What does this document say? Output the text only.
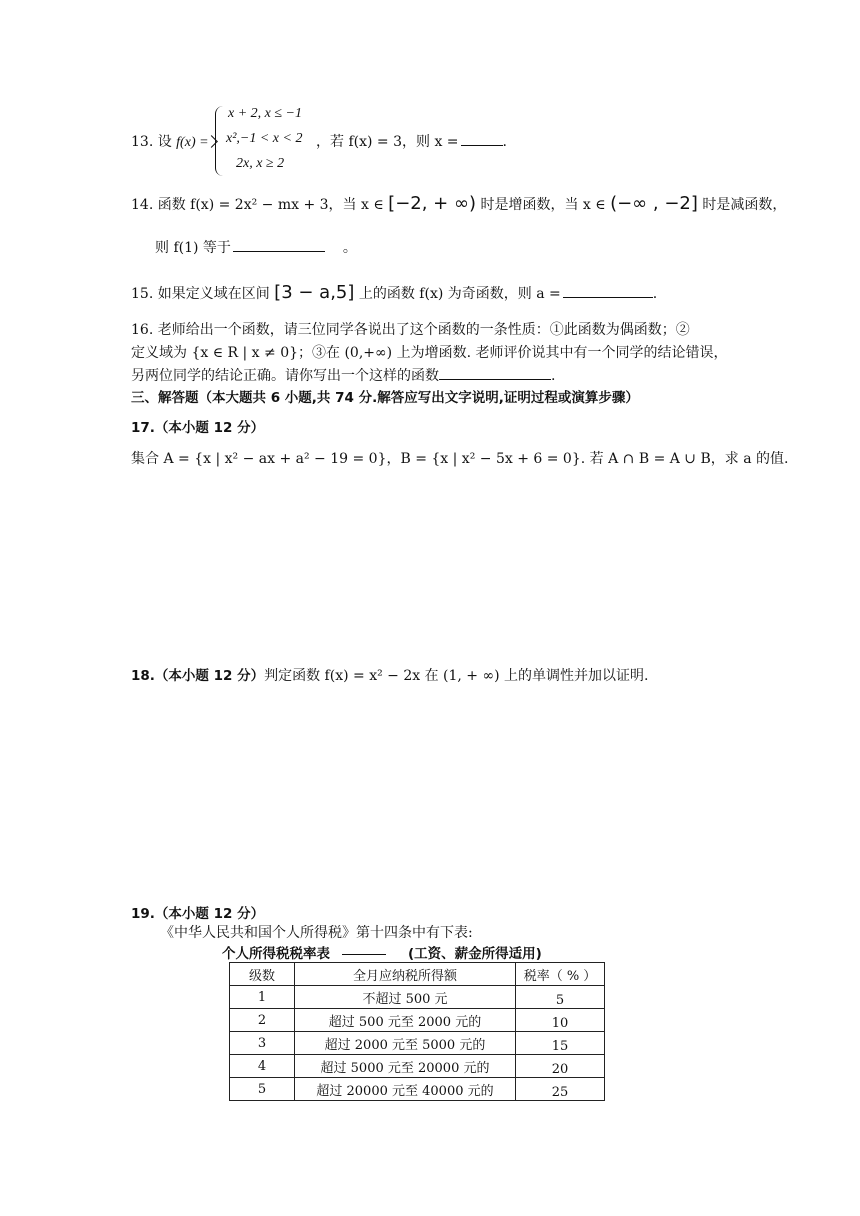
13. 设 f(x) =
x + 2, x ≤ −1
x²,−1 < x < 2
2x, x ≥ 2
，若 f(x) = 3，则 x =	.
14. 函数 f(x) = 2x² − mx + 3，当 x ∈ [−2, + ∞) 时是增函数，当 x ∈ (−∞ , −2] 时是减函数，
则 f(1) 等于	。
15. 如果定义域在区间 [3 − a,5] 上的函数 f(x) 为奇函数，则 a =	.
16. 老师给出一个函数，请三位同学各说出了这个函数的一条性质：①此函数为偶函数；②
定义域为 {x ∈ R | x ≠ 0}；③在 (0,+∞) 上为增函数. 老师评价说其中有一个同学的结论错误，
另两位同学的结论正确。请你写出一个这样的函数	.
三、解答题（本大题共 6 小题,共 74 分.解答应写出文字说明,证明过程或演算步骤）
17.（本小题 12 分）
集合 A = {x | x² − ax + a² − 19 = 0}，B = {x | x² − 5x + 6 = 0}. 若 A ∩ B = A ∪ B，求 a 的值.
18.（本小题 12 分）判定函数 f(x) = x² − 2x 在 (1, + ∞) 上的单调性并加以证明.
19.（本小题 12 分）
《中华人民共和国个人所得税》第十四条中有下表:
个人所得税税率表	(工资、薪金所得适用)
级数	全月应纳税所得额	税率（ % ）
1	不超过 500 元	5
2	超过 500 元至 2000 元的	10
3	超过 2000 元至 5000 元的	15
4	超过 5000 元至 20000 元的	20
5	超过 20000 元至 40000 元的	25
